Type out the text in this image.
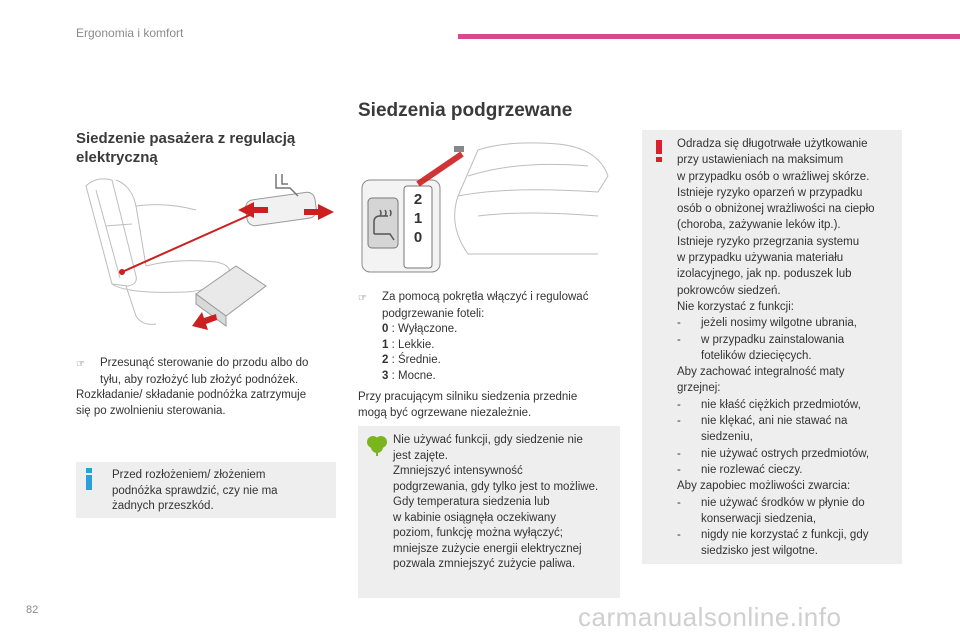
Ergonomia i komfort
Siedzenie pasażera z regulacją elektryczną
☞	Przesunąć sterowanie do przodu albo do
tyłu, aby rozłożyć lub złożyć podnóżek.
Rozkładanie/ składanie podnóżka zatrzymuje
się po zwolnieniu sterowania.
Przed rozłożeniem/ złożeniem
podnóżka sprawdzić, czy nie ma
żadnych przeszkód.
Siedzenia podgrzewane
2
1
0
☞	Za pomocą pokrętła włączyć i regulować
podgrzewanie foteli:
0 : Wyłączone.
1 : Lekkie.
2 : Średnie.
3 : Mocne.
Przy pracującym silniku siedzenia przednie
mogą być ogrzewane niezależnie.
Nie używać funkcji, gdy siedzenie nie
jest zajęte.
Zmniejszyć intensywność
podgrzewania, gdy tylko jest to możliwe.
Gdy temperatura siedzenia lub
w kabinie osiągnęła oczekiwany
poziom, funkcję można wyłączyć;
mniejsze zużycie energii elektrycznej
pozwala zmniejszyć zużycie paliwa.
Odradza się długotrwałe użytkowanie
przy ustawieniach na maksimum
w przypadku osób o wrażliwej skórze.
Istnieje ryzyko oparzeń w przypadku
osób o obniżonej wrażliwości na ciepło
(choroba, zażywanie leków itp.).
Istnieje ryzyko przegrzania systemu
w przypadku używania materiału
izolacyjnego, jak np. poduszek lub
pokrowców siedzeń.
Nie korzystać z funkcji:
-	jeżeli nosimy wilgotne ubrania,
-	w przypadku zainstalowania
fotelików dziecięcych.
Aby zachować integralność maty
grzejnej:
-	nie kłaść ciężkich przedmiotów,
-	nie klękać, ani nie stawać na
siedzeniu,
-	nie używać ostrych przedmiotów,
-	nie rozlewać cieczy.
Aby zapobiec możliwości zwarcia:
-	nie używać środków w płynie do
konserwacji siedzenia,
-	nigdy nie korzystać z funkcji, gdy
siedzisko jest wilgotne.
82	carmanualsonline.info
